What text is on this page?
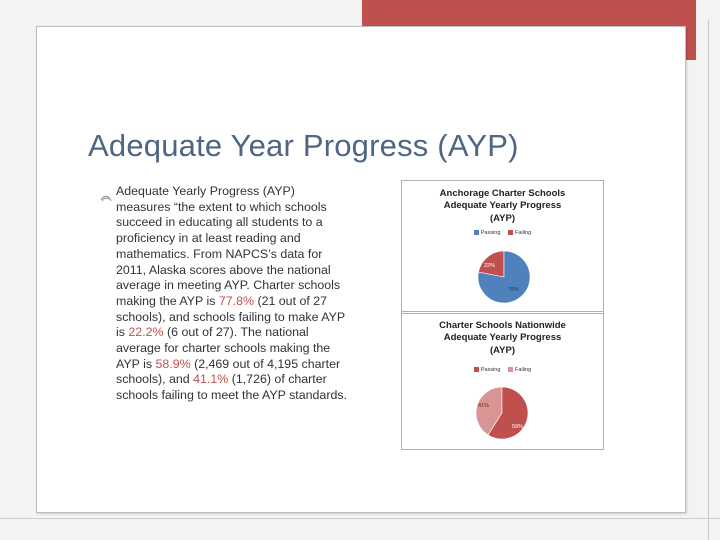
Adequate Year Progress (AYP)
Adequate Yearly Progress (AYP) measures “the extent to which schools succeed in educating all students to a proficiency in at least reading and mathematics. From NAPCS’s data for 2011, Alaska scores above the national average in meeting AYP. Charter schools making the AYP is 77.8% (21 out of 27 schools), and schools failing to make AYP is 22.2% (6 out of 27). The national average for charter schools making the AYP is 58.9% (2,469 out of 4,195 charter schools), and 41.1% (1,726) of charter schools failing to meet the AYP standards.
Anchorage Charter Schools
Adequate Yearly Progress
(AYP)
Passing	Failing
78%
22%
Charter Schools Nationwide
Adequate Yearly Progress
(AYP)
Passing	Failing
59%
41%
